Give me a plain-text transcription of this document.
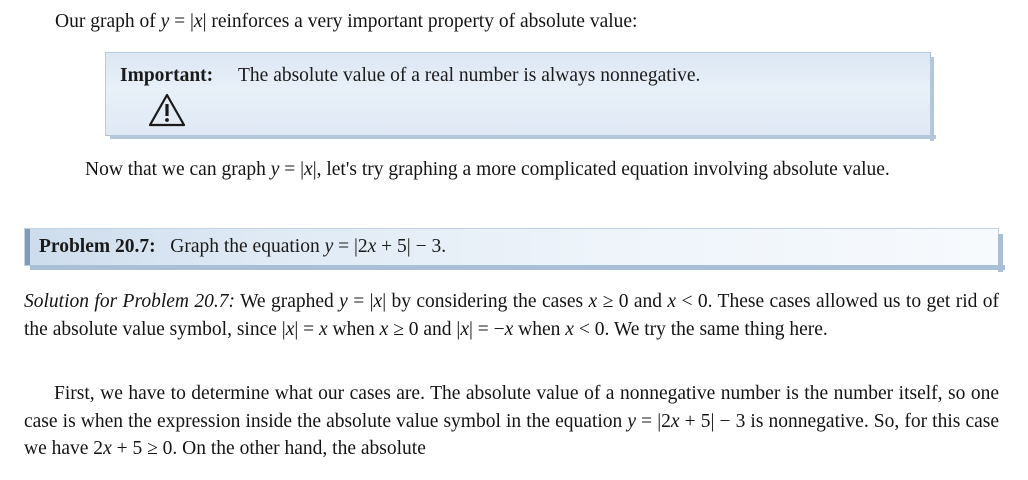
Our graph of y = |x| reinforces a very important property of absolute value:
Important: The absolute value of a real number is always nonnegative.
Now that we can graph y = |x|, let's try graphing a more complicated equation involving absolute value.
Problem 20.7:   Graph the equation y = |2x + 5| − 3.
Solution for Problem 20.7: We graphed y = |x| by considering the cases x ≥ 0 and x < 0. These cases allowed us to get rid of the absolute value symbol, since |x| = x when x ≥ 0 and |x| = −x when x < 0. We try the same thing here.
First, we have to determine what our cases are. The absolute value of a nonnegative number is the number itself, so one case is when the expression inside the absolute value symbol in the equation y = |2x + 5| − 3 is nonnegative. So, for this case we have 2x + 5 ≥ 0. On the other hand, the absolute
